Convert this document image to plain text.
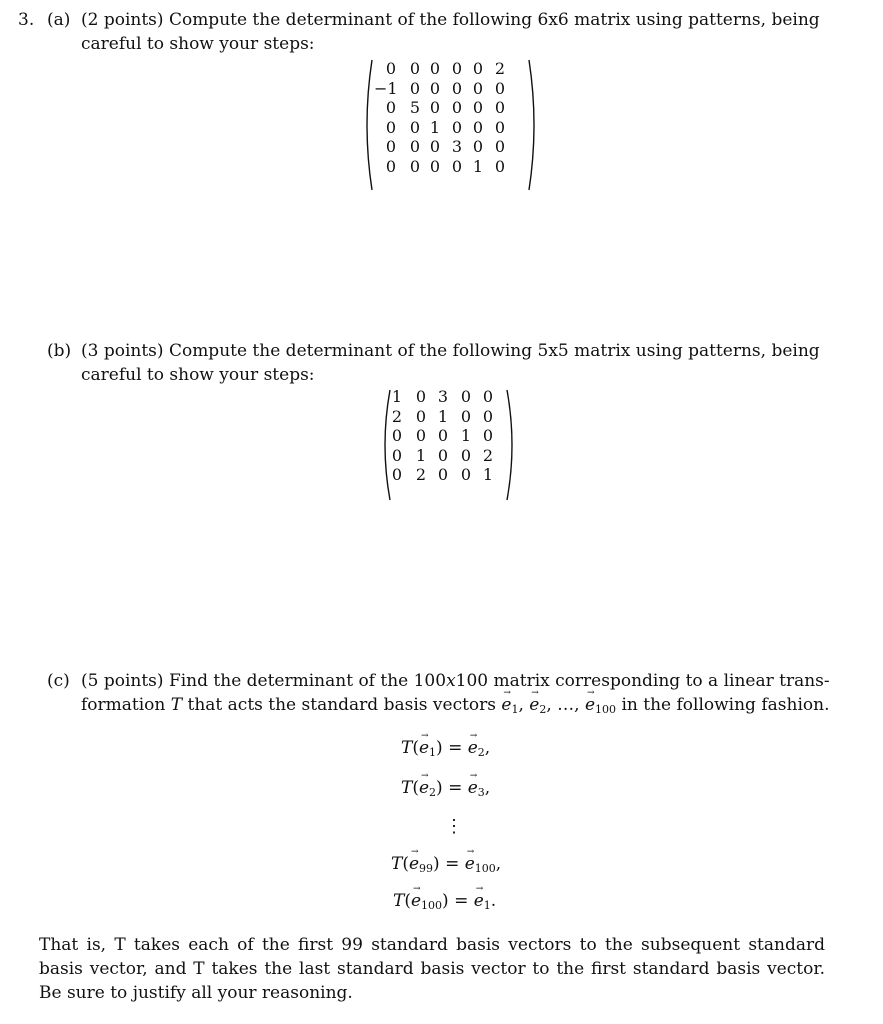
3. (a) (2 points) Compute the determinant of the following 6x6 matrix using patterns, being
careful to show your steps:
0 0 0 0 0 2
−1 0 0 0 0 0
0 5 0 0 0 0
0 0 1 0 0 0
0 0 0 3 0 0
0 0 0 0 1 0
(b) (3 points) Compute the determinant of the following 5x5 matrix using patterns, being
careful to show your steps:
1 0 3 0 0
2 0 1 0 0
0 0 0 1 0
0 1 0 0 2
0 2 0 0 1
(c) (5 points) Find the determinant of the 100x100 matrix corresponding to a linear trans-
formation T that acts the standard basis vectors → $e_1$, → $e_2$, …, → $e_{100}$ in the following fashion.
$T(\to e_1)$ = → $e_2$,
$T(\to e_2)$ = → $e_3$,
⋮
$T(\to e_{99})$ = → $e_{100}$,
$T(\to e_{100})$ = → $e_1$.
That is, T takes each of the first 99 standard basis vectors to the subsequent standard basis vector, and T takes the last standard basis vector to the first standard basis vector. Be sure to justify all your reasoning.
